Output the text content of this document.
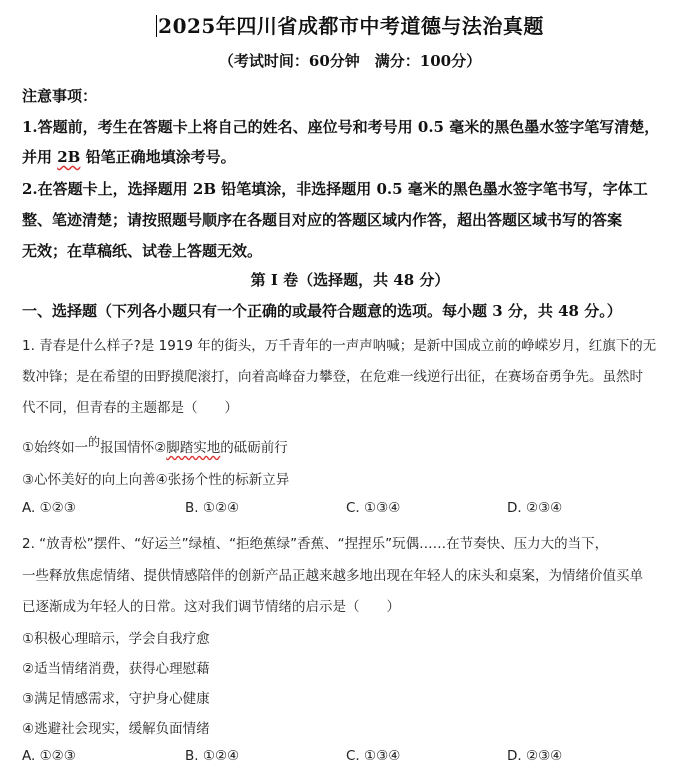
2025年四川省成都市中考道德与法治真题
（考试时间：60分钟　满分：100分）
注意事项：
1.答题前，考生在答题卡上将自己的姓名、座位号和考号用 0.5 毫米的黑色墨水签字笔写清楚，
并用 2B 铅笔正确地填涂考号。
2.在答题卡上，选择题用 2B 铅笔填涂，非选择题用 0.5 毫米的黑色墨水签字笔书写，字体工
整、笔迹清楚；请按照题号顺序在各题目对应的答题区域内作答，超出答题区域书写的答案
无效；在草稿纸、试卷上答题无效。
第 I 卷（选择题，共 48 分）
一、选择题（下列各小题只有一个正确的或最符合题意的选项。每小题 3 分，共 48 分。）
1. 青春是什么样子?是 1919 年的街头，万千青年的一声声呐喊；是新中国成立前的峥嵘岁月，红旗下的无
数冲锋；是在希望的田野摸爬滚打，向着高峰奋力攀登，在危难一线逆行出征，在赛场奋勇争先。虽然时
代不同，但青春的主题都是（　　）
①始终如一的报国情怀②脚踏实地的砥砺前行
③心怀美好的向上向善④张扬个性的标新立异
A. ①②③	B. ①②④	C. ①③④	D. ②③④
2. “放青松”摆件、“好运兰”绿植、“拒绝蕉绿”香蕉、“捏捏乐”玩偶……在节奏快、压力大的当下，
一些释放焦虑情绪、提供情感陪伴的创新产品正越来越多地出现在年轻人的床头和桌案，为情绪价值买单
已逐渐成为年轻人的日常。这对我们调节情绪的启示是（　　）
①积极心理暗示，学会自我疗愈
②适当情绪消费，获得心理慰藉
③满足情感需求，守护身心健康
④逃避社会现实，缓解负面情绪
A. ①②③	B. ①②④	C. ①③④	D. ②③④
